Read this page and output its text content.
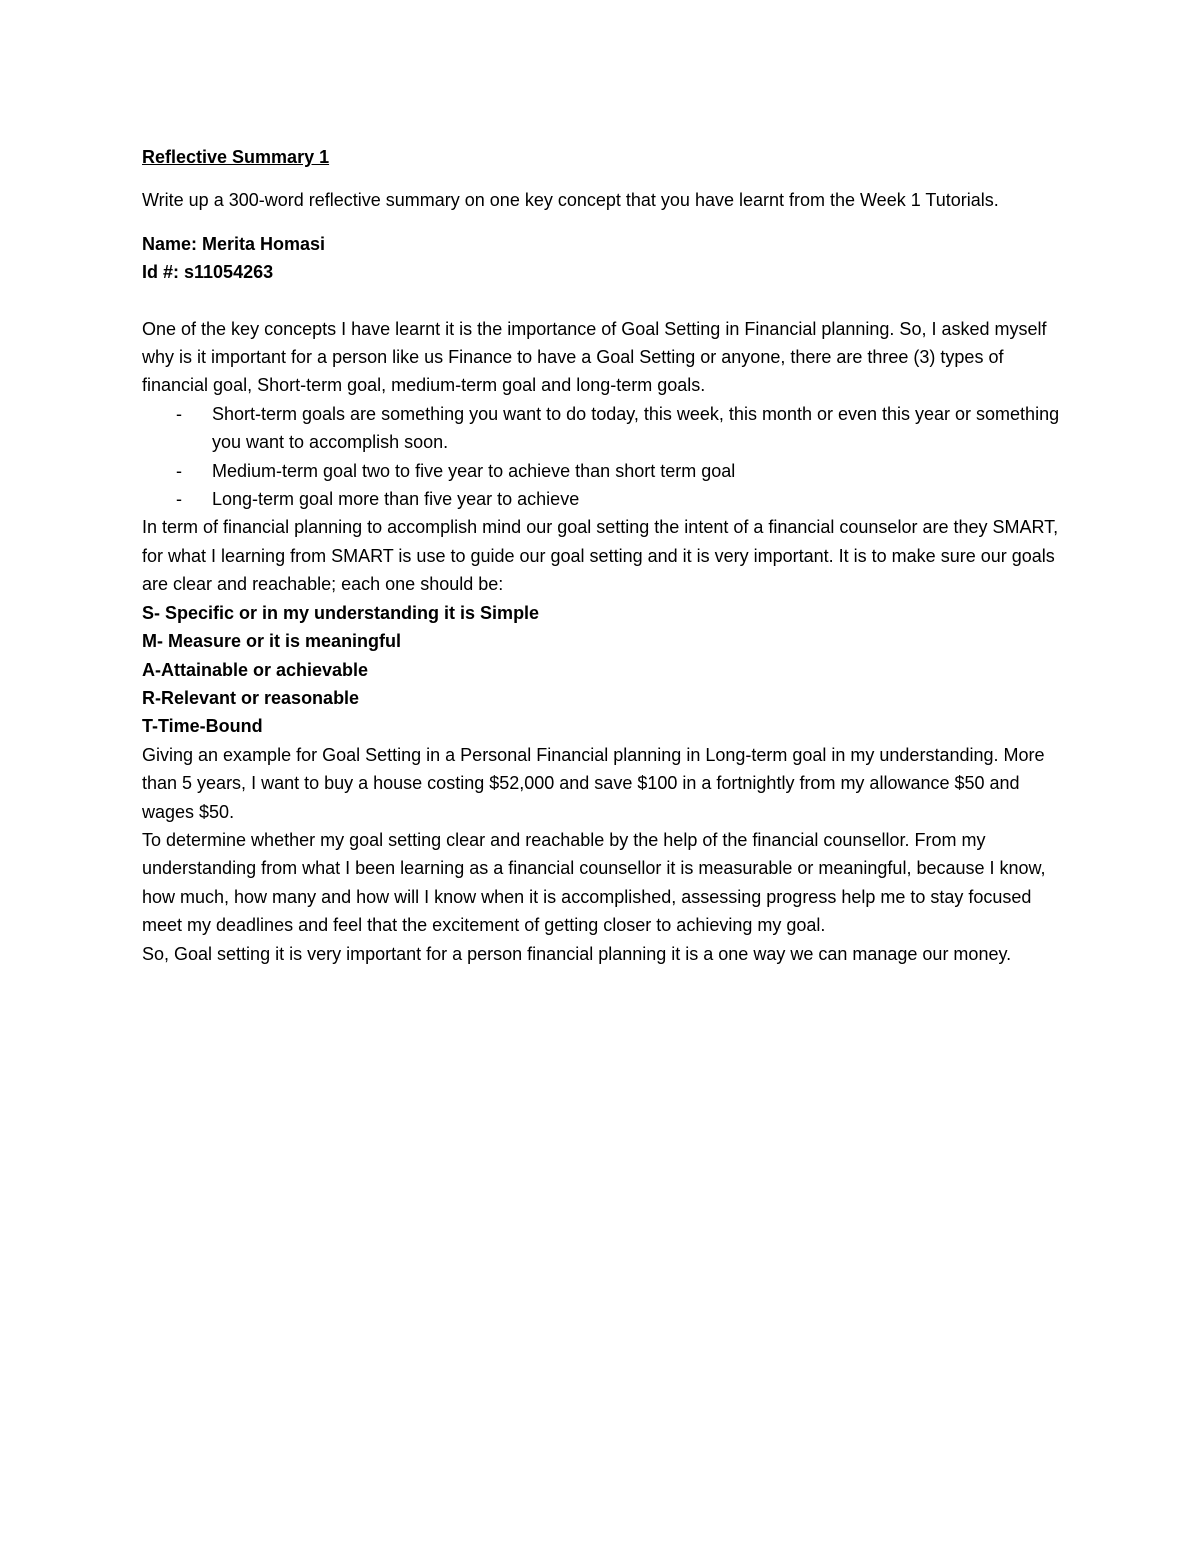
Reflective Summary 1
Write up a 300-word reflective summary on one key concept that you have learnt from the Week 1 Tutorials.

Name: Merita Homasi

Id #: s11054263

One of the key concepts I have learnt it is the importance of Goal Setting in Financial planning. So, I asked myself why is it important for a person like us Finance to have a Goal Setting or anyone, there are three (3) types of financial goal, Short-term goal, medium-term goal and long-term goals.

- Short-term goals are something you want to do today, this week, this month or even this year or something you want to accomplish soon.
- Medium-term goal two to five year to achieve than short term goal
- Long-term goal more than five year to achieve

In term of financial planning to accomplish mind our goal setting the intent of a financial counselor are they SMART, for what I learning from SMART is use to guide our goal setting and it is very important. It is to make sure our goals are clear and reachable; each one should be:

S- Specific or in my understanding it is Simple

M- Measure or it is meaningful

A-Attainable or achievable

R-Relevant or reasonable

T-Time-Bound

Giving an example for Goal Setting in a Personal Financial planning in Long-term goal in my understanding. More than 5 years, I want to buy a house costing $52,000 and save $100 in a fortnightly from my allowance $50 and wages $50.

To determine whether my goal setting clear and reachable by the help of the financial counsellor. From my understanding from what I been learning as a financial counsellor it is measurable or meaningful, because I know, how much, how many and how will I know when it is accomplished, assessing progress help me to stay focused meet my deadlines and feel that the excitement of getting closer to achieving my goal.

So, Goal setting it is very important for a person financial planning it is a one way we can manage our money.
